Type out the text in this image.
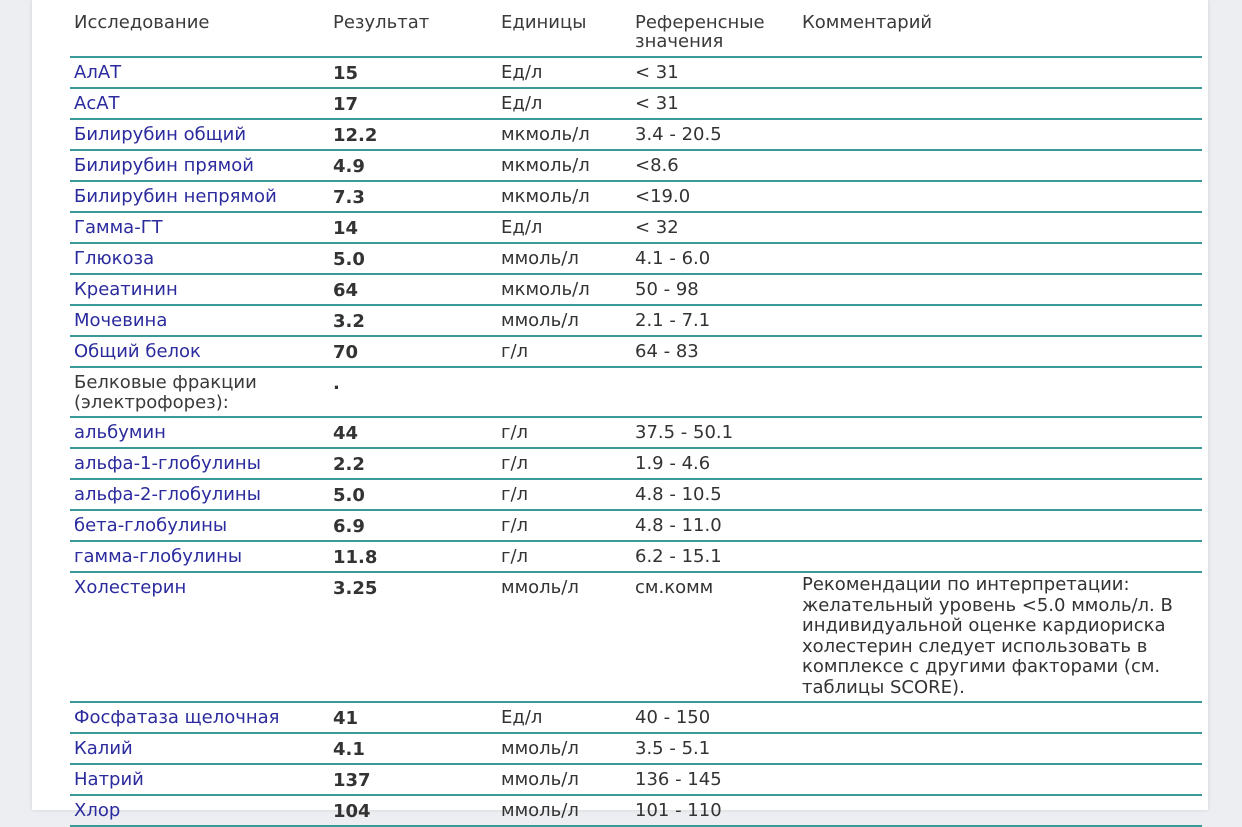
Исследование	Результат	Единицы	Референсные значения	Комментарий
АлАТ	15	Ед/л	< 31	
АсАТ	17	Ед/л	< 31	
Билирубин общий	12.2	мкмоль/л	3.4 - 20.5	
Билирубин прямой	4.9	мкмоль/л	<8.6	
Билирубин непрямой	7.3	мкмоль/л	<19.0	
Гамма-ГТ	14	Ед/л	< 32	
Глюкоза	5.0	ммоль/л	4.1 - 6.0	
Креатинин	64	мкмоль/л	50 - 98	
Мочевина	3.2	ммоль/л	2.1 - 7.1	
Общий белок	70	г/л	64 - 83	
Белковые фракции (электрофорез):	.			
альбумин	44	г/л	37.5 - 50.1	
альфа-1-глобулины	2.2	г/л	1.9 - 4.6	
альфа-2-глобулины	5.0	г/л	4.8 - 10.5	
бета-глобулины	6.9	г/л	4.8 - 11.0	
гамма-глобулины	11.8	г/л	6.2 - 15.1	
Холестерин	3.25	ммоль/л	см.комм	Рекомендации по интерпретации: желательный уровень <5.0 ммоль/л. В индивидуальной оценке кардиориска холестерин следует использовать в комплексе с другими факторами (см. таблицы SCORE).
Фосфатаза щелочная	41	Ед/л	40 - 150	
Калий	4.1	ммоль/л	3.5 - 5.1	
Натрий	137	ммоль/л	136 - 145	
Хлор	104	ммоль/л	101 - 110	
